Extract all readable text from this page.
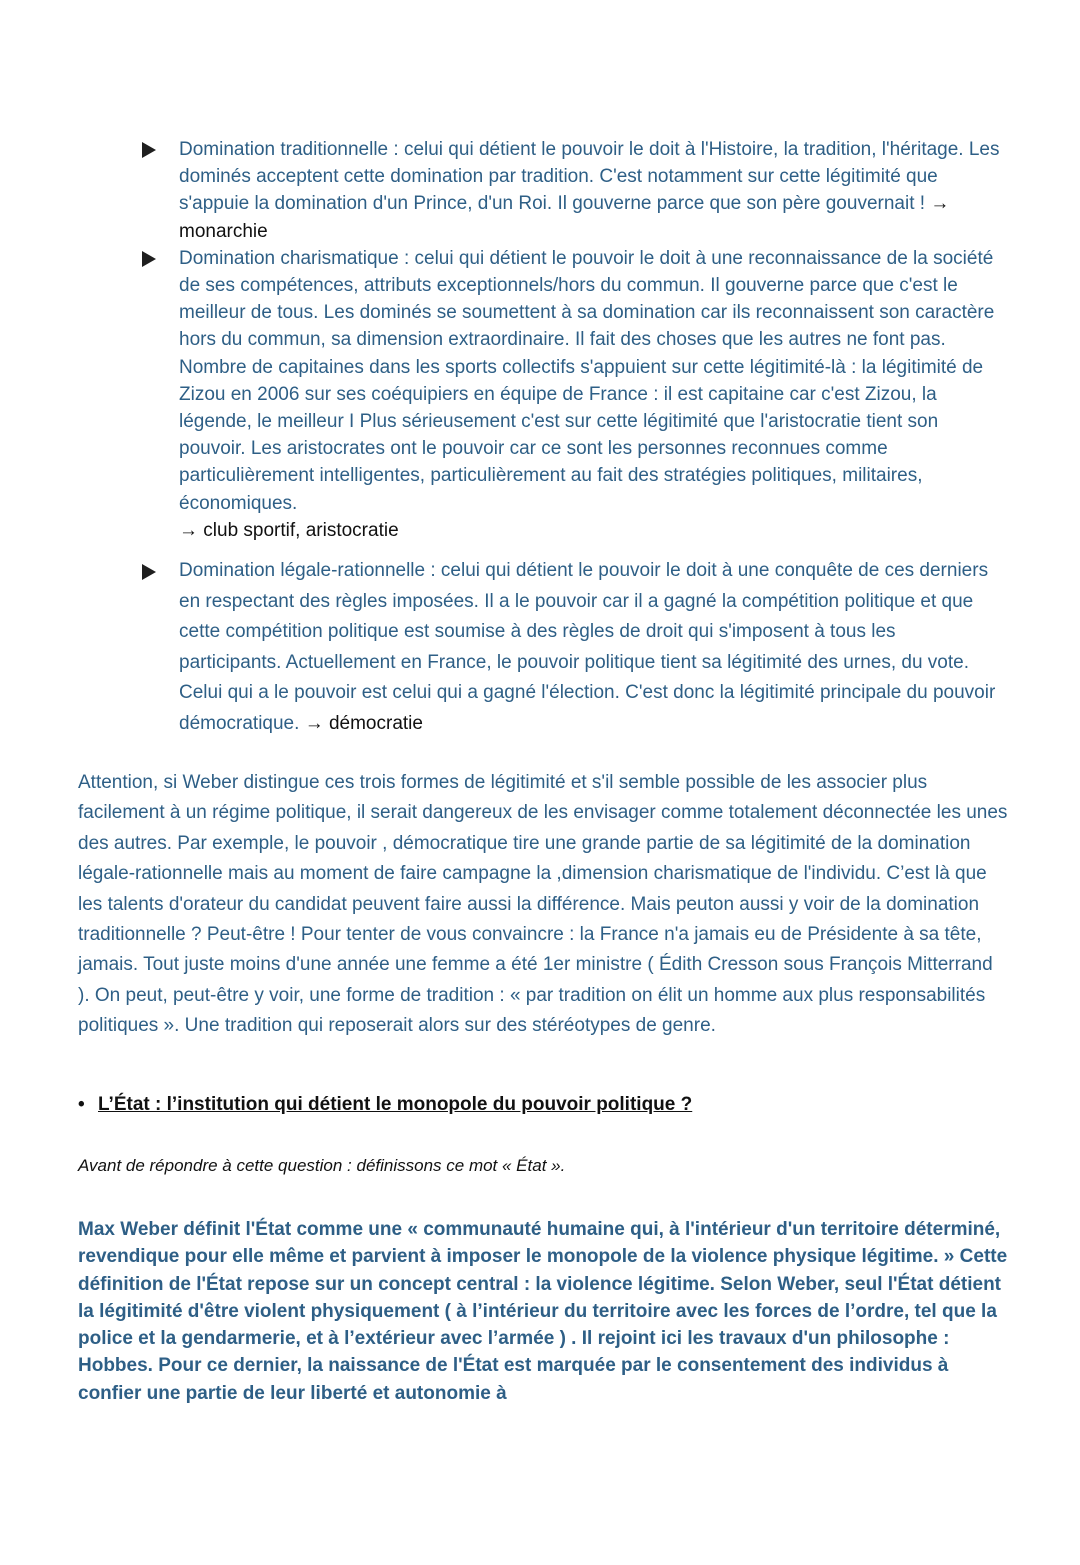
Domination traditionnelle : celui qui détient le pouvoir le doit à l'Histoire, la tradition, l'héritage. Les dominés acceptent cette domination par tradition. C'est notamment sur cette légitimité que s'appuie la domination d'un Prince, d'un Roi. Il gouverne parce que son père gouvernait ! → monarchie
Domination charismatique : celui qui détient le pouvoir le doit à une reconnaissance de la société de ses compétences, attributs exceptionnels/hors du commun. Il gouverne parce que c'est le meilleur de tous. Les dominés se soumettent à sa domination car ils reconnaissent son caractère hors du commun, sa dimension extraordinaire. Il fait des choses que les autres ne font pas. Nombre de capitaines dans les sports collectifs s'appuient sur cette légitimité-là : la légitimité de Zizou en 2006 sur ses coéquipiers en équipe de France : il est capitaine car c'est Zizou, la légende, le meilleur I Plus sérieusement c'est sur cette légitimité que l'aristocratie tient son pouvoir. Les aristocrates ont le pouvoir car ce sont les personnes reconnues comme particulièrement intelligentes, particulièrement au fait des stratégies politiques, militaires, économiques.
→ club sportif, aristocratie
Domination légale-rationnelle : celui qui détient le pouvoir le doit à une conquête de ces derniers en respectant des règles imposées. Il a le pouvoir car il a gagné la compétition politique et que cette compétition politique est soumise à des règles de droit qui s'imposent à tous les participants. Actuellement en France, le pouvoir politique tient sa légitimité des urnes, du vote. Celui qui a le pouvoir est celui qui a gagné l'élection. C'est donc la légitimité principale du pouvoir démocratique. → démocratie
Attention, si Weber distingue ces trois formes de légitimité et s'il semble possible de les associer plus facilement à un régime politique, il serait dangereux de les envisager comme totalement déconnectée les unes des autres. Par exemple, le pouvoir , démocratique tire une grande partie de sa légitimité de la domination légale-rationnelle mais au moment de faire campagne la ,dimension charismatique de l'individu. C’est là que les talents d'orateur du candidat peuvent faire aussi la différence. Mais peuton aussi y voir de la domination traditionnelle ? Peut-être ! Pour tenter de vous convaincre : la France n'a jamais eu de Présidente à sa tête, jamais. Tout juste moins d'une année une femme a été 1er ministre ( Édith Cresson sous François Mitterrand ). On peut, peut-être y voir, une forme de tradition : « par tradition on élit un homme aux plus responsabilités politiques ». Une tradition qui reposerait alors sur des stéréotypes de genre.
• L’État : l’institution qui détient le monopole du pouvoir politique ?
Avant de répondre à cette question : définissons ce mot « État ».
Max Weber définit l'État comme une « communauté humaine qui, à l'intérieur d'un territoire déterminé, revendique pour elle même et parvient à imposer le monopole de la violence physique légitime. » Cette définition de l'État repose sur un concept central : la violence légitime. Selon Weber, seul l'État détient la légitimité d'être violent physiquement ( à l’intérieur du territoire avec les forces de l’ordre, tel que la police et la gendarmerie, et à l’extérieur avec l’armée ) . Il rejoint ici les travaux d'un philosophe : Hobbes. Pour ce dernier, la naissance de l'État est marquée par le consentement des individus à confier une partie de leur liberté et autonomie à
